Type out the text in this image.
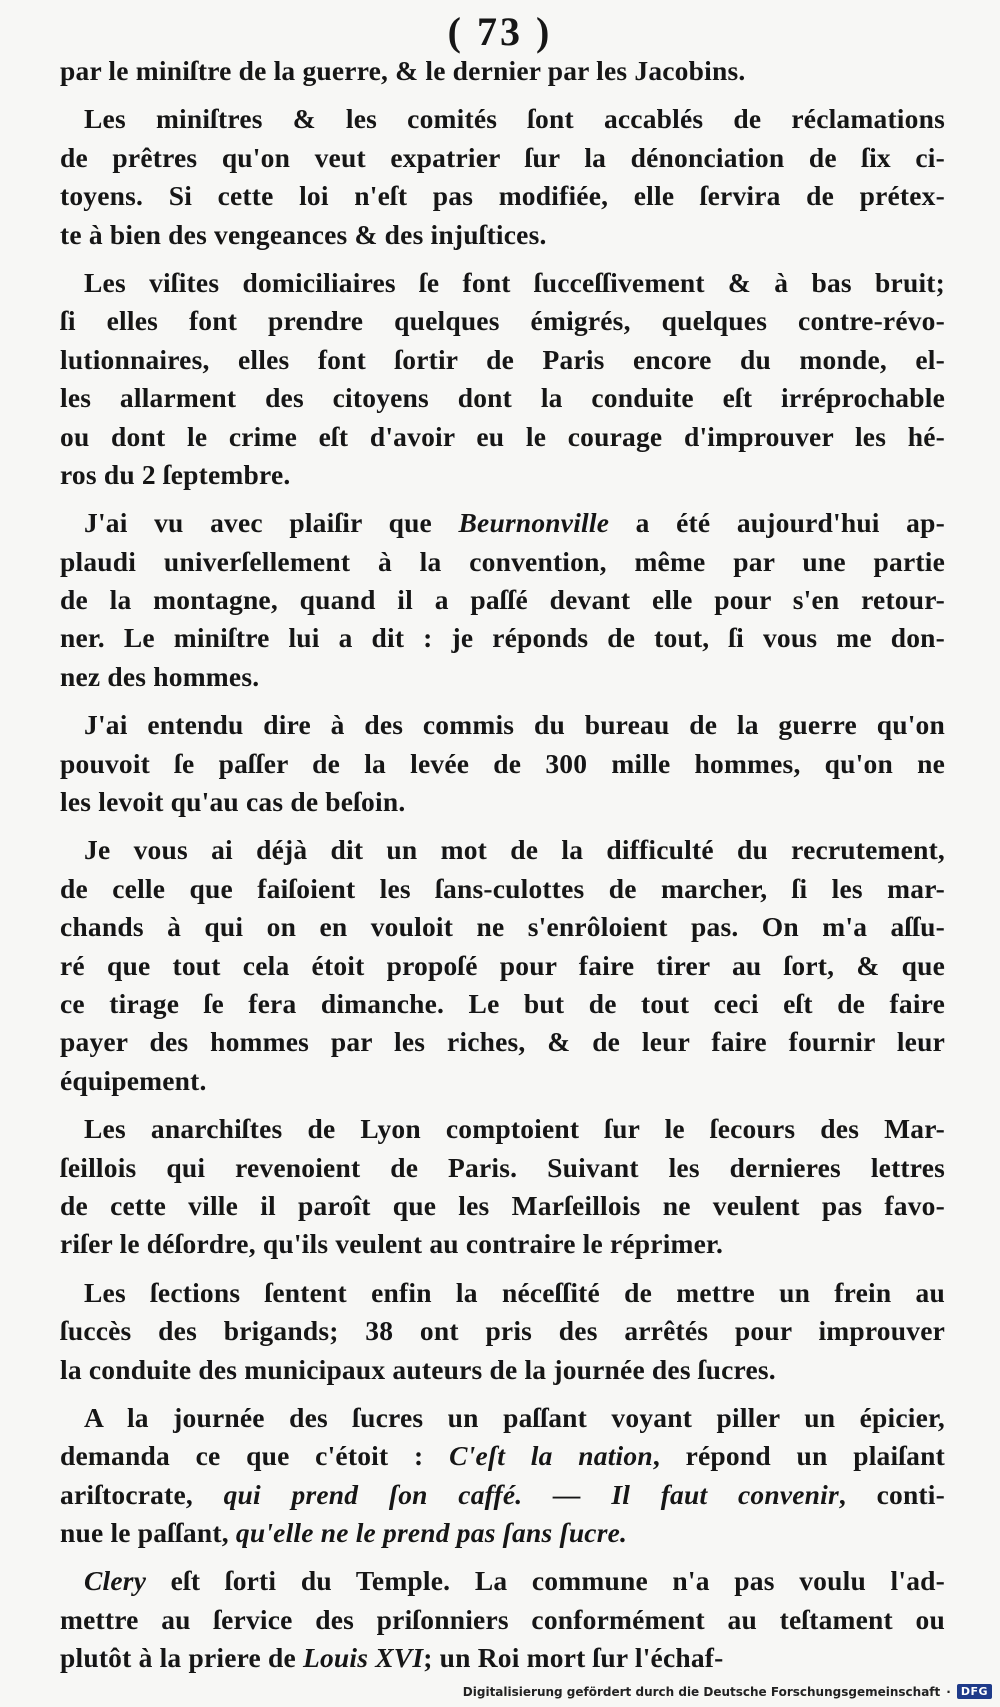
( 73 )
par le miniſtre de la guerre, & le dernier par les Jacobins.
Les miniſtres & les comités ſont accablés de réclamations
de prêtres qu'on veut expatrier ſur la dénonciation de ſix ci-
toyens. Si cette loi n'eſt pas modifiée, elle ſervira de prétex-
te à bien des vengeances & des injuſtices.
Les viſites domiciliaires ſe font ſucceſſivement & à bas bruit;
ſi elles font prendre quelques émigrés, quelques contre-révo-
lutionnaires, elles font ſortir de Paris encore du monde, el-
les allarment des citoyens dont la conduite eſt irréprochable
ou dont le crime eſt d'avoir eu le courage d'improuver les hé-
ros du 2 ſeptembre.
J'ai vu avec plaiſir que Beurnonville a été aujourd'hui ap-
plaudi univerſellement à la convention, même par une partie
de la montagne, quand il a paſſé devant elle pour s'en retour-
ner. Le miniſtre lui a dit : je réponds de tout, ſi vous me don-
nez des hommes.
J'ai entendu dire à des commis du bureau de la guerre qu'on
pouvoit ſe paſſer de la levée de 300 mille hommes, qu'on ne
les levoit qu'au cas de beſoin.
Je vous ai déjà dit un mot de la difficulté du recrutement,
de celle que faiſoient les ſans-culottes de marcher, ſi les mar-
chands à qui on en vouloit ne s'enrôloient pas. On m'a aſſu-
ré que tout cela étoit propoſé pour faire tirer au ſort, & que
ce tirage ſe fera dimanche. Le but de tout ceci eſt de faire
payer des hommes par les riches, & de leur faire fournir leur
équipement.
Les anarchiſtes de Lyon comptoient ſur le ſecours des Mar-
ſeillois qui revenoient de Paris. Suivant les dernieres lettres
de cette ville il paroît que les Marſeillois ne veulent pas favo-
riſer le déſordre, qu'ils veulent au contraire le réprimer.
Les ſections ſentent enfin la néceſſité de mettre un frein au
ſuccès des brigands; 38 ont pris des arrêtés pour improuver
la conduite des municipaux auteurs de la journée des ſucres.
A la journée des ſucres un paſſant voyant piller un épicier,
demanda ce que c'étoit : C'eſt la nation, répond un plaiſant
ariſtocrate, qui prend ſon caffé. — Il faut convenir, conti-
nue le paſſant, qu'elle ne le prend pas ſans ſucre.
Clery eſt ſorti du Temple. La commune n'a pas voulu l'ad-
mettre au ſervice des priſonniers conformément au teſtament ou
plutôt à la priere de Louis XVI; un Roi mort ſur l'échaf-
Digitalisierung gefördert durch die Deutsche Forschungsgemeinschaft · DFG
